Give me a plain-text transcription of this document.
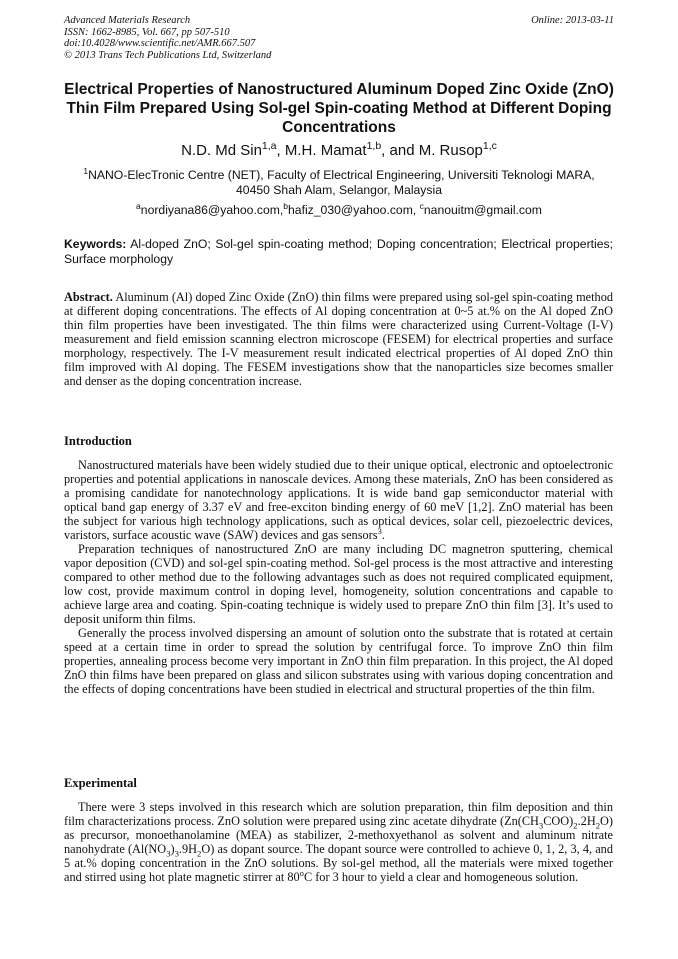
Advanced Materials Research
ISSN: 1662-8985, Vol. 667, pp 507-510
doi:10.4028/www.scientific.net/AMR.667.507
© 2013 Trans Tech Publications Ltd, Switzerland
Online: 2013-03-11
Electrical Properties of Nanostructured Aluminum Doped Zinc Oxide (ZnO) Thin Film Prepared Using Sol-gel Spin-coating Method at Different Doping Concentrations
N.D. Md Sin$^{1,a}$, M.H. Mamat$^{1,b}$, and M. Rusop$^{1,c}$
$^1$NANO-ElecTronic Centre (NET), Faculty of Electrical Engineering, Universiti Teknologi MARA,
40450 Shah Alam, Selangor, Malaysia
$^a$nordiyana86@yahoo.com,$^b$hafiz_030@yahoo.com, $^c$nanouitm@gmail.com
Keywords: Al-doped ZnO; Sol-gel spin-coating method; Doping concentration; Electrical properties; Surface morphology

Abstract. Aluminum (Al) doped Zinc Oxide (ZnO) thin films were prepared using sol-gel spin-coating method at different doping concentrations. The effects of Al doping concentration at 0~5 at.% on the Al doped ZnO thin film properties have been investigated. The thin films were characterized using Current-Voltage (I-V) measurement and field emission scanning electron microscope (FESEM) for electrical properties and surface morphology, respectively. The I-V measurement result indicated electrical properties of Al doped ZnO thin film improved with Al doping. The FESEM investigations show that the nanoparticles size becomes smaller and denser as the doping concentration increase.

Introduction

Nanostructured materials have been widely studied due to their unique optical, electronic and optoelectronic properties and potential applications in nanoscale devices. Among these materials, ZnO has been considered as a promising candidate for nanotechnology applications. It is wide band gap semiconductor material with optical band gap energy of 3.37 eV and free-exciton binding energy of 60 meV [1,2]. ZnO material has been the subject for various high technology applications, such as optical devices, solar cell, piezoelectric devices, varistors, surface acoustic wave (SAW) devices and gas sensors$^3$.

Preparation techniques of nanostructured ZnO are many including DC magnetron sputtering, chemical vapor deposition (CVD) and sol-gel spin-coating method. Sol-gel process is the most attractive and interesting compared to other method due to the following advantages such as does not required complicated equipment, low cost, provide maximum control in doping level, homogeneity, solution concentrations and capable to achieve large area and coating. Spin-coating technique is widely used to prepare ZnO thin film [3]. It’s used to deposit uniform thin films.

Generally the process involved dispersing an amount of solution onto the substrate that is rotated at certain speed at a certain time in order to spread the solution by centrifugal force. To improve ZnO thin film properties, annealing process become very important in ZnO thin film preparation. In this project, the Al doped ZnO thin films have been prepared on glass and silicon substrates using with various doping concentration and the effects of doping concentrations have been studied in electrical and structural properties of the thin film.

Experimental

There were 3 steps involved in this research which are solution preparation, thin film deposition and thin film characterizations process. ZnO solution were prepared using zinc acetate dihydrate $(Zn(CH_3COO)_2.2H_2O)$ as precursor, monoethanolamine (MEA) as stabilizer, 2-methoxyethanol as solvent and aluminum nitrate nanohydrate $(Al(NO_3)_3.9H_2O)$ as dopant source. The dopant source were controlled to achieve 0, 1, 2, 3, 4, and 5 at.% doping concentration in the ZnO solutions. By sol-gel method, all the materials were mixed together and stirred using hot plate magnetic stirrer at 80$^o$C for 3 hour to yield a clear and homogeneous solution.
